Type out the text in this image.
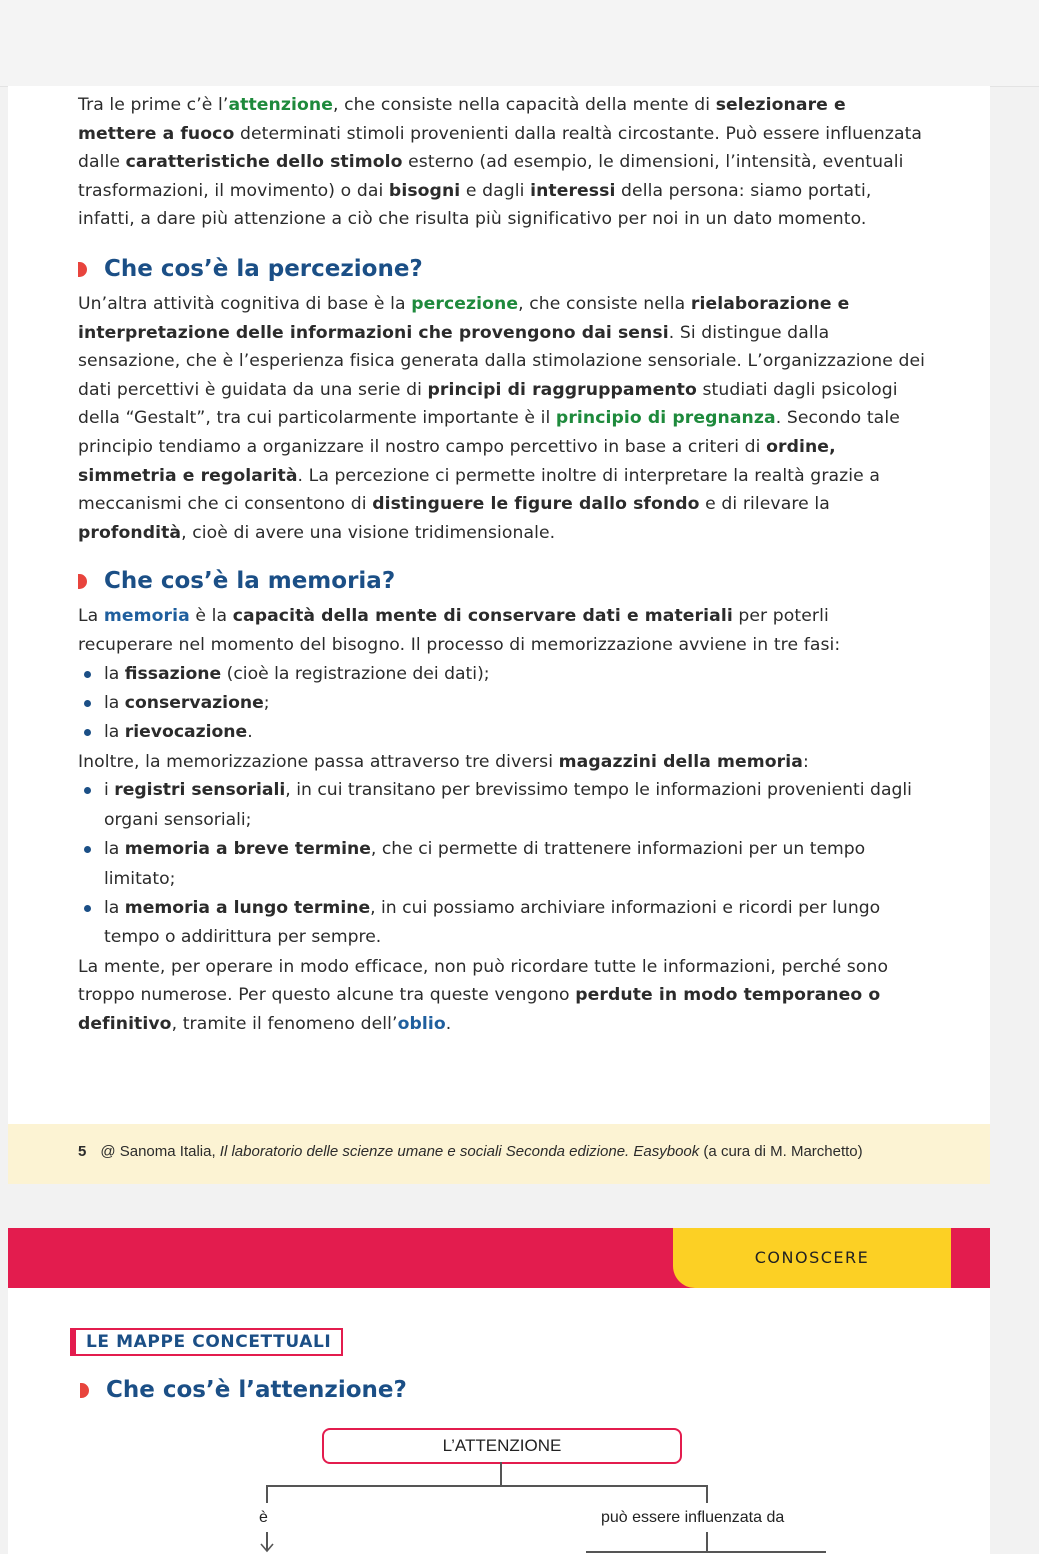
Tra le prime c’è l’attenzione, che consiste nella capacità della mente di selezionare e mettere a fuoco determinati stimoli provenienti dalla realtà circostante. Può essere influenzata dalle caratteristiche dello stimolo esterno (ad esempio, le dimensioni, l’intensità, eventuali trasformazioni, il movimento) o dai bisogni e dagli interessi della persona: siamo portati, infatti, a dare più attenzione a ciò che risulta più significativo per noi in un dato momento.

Che cos’è la percezione?

Un’altra attività cognitiva di base è la percezione, che consiste nella rielaborazione e interpretazione delle informazioni che provengono dai sensi. Si distingue dalla sensazione, che è l’esperienza fisica generata dalla stimolazione sensoriale. L’organizzazione dei dati percettivi è guidata da una serie di principi di raggruppamento studiati dagli psicologi della “Gestalt”, tra cui particolarmente importante è il principio di pregnanza. Secondo tale principio tendiamo a organizzare il nostro campo percettivo in base a criteri di ordine, simmetria e regolarità. La percezione ci permette inoltre di interpretare la realtà grazie a meccanismi che ci consentono di distinguere le figure dallo sfondo e di rilevare la profondità, cioè di avere una visione tridimensionale.

Che cos’è la memoria?

La memoria è la capacità della mente di conservare dati e materiali per poterli recuperare nel momento del bisogno. Il processo di memorizzazione avviene in tre fasi:

la fissazione (cioè la registrazione dei dati);
la conservazione;
la rievocazione.

Inoltre, la memorizzazione passa attraverso tre diversi magazzini della memoria:

i registri sensoriali, in cui transitano per brevissimo tempo le informazioni provenienti dagli organi sensoriali;
la memoria a breve termine, che ci permette di trattenere informazioni per un tempo limitato;
la memoria a lungo termine, in cui possiamo archiviare informazioni e ricordi per lungo tempo o addirittura per sempre.

La mente, per operare in modo efficace, non può ricordare tutte le informazioni, perché sono troppo numerose. Per questo alcune tra queste vengono perdute in modo temporaneo o definitivo, tramite il fenomeno dell’oblio.

5 @ Sanoma Italia, Il laboratorio delle scienze umane e sociali Seconda edizione. Easybook (a cura di M. Marchetto)
CONOSCERE
LE MAPPE CONCETTUALI
Che cos’è l’attenzione?
L’ATTENZIONE
è	può essere influenzata da
